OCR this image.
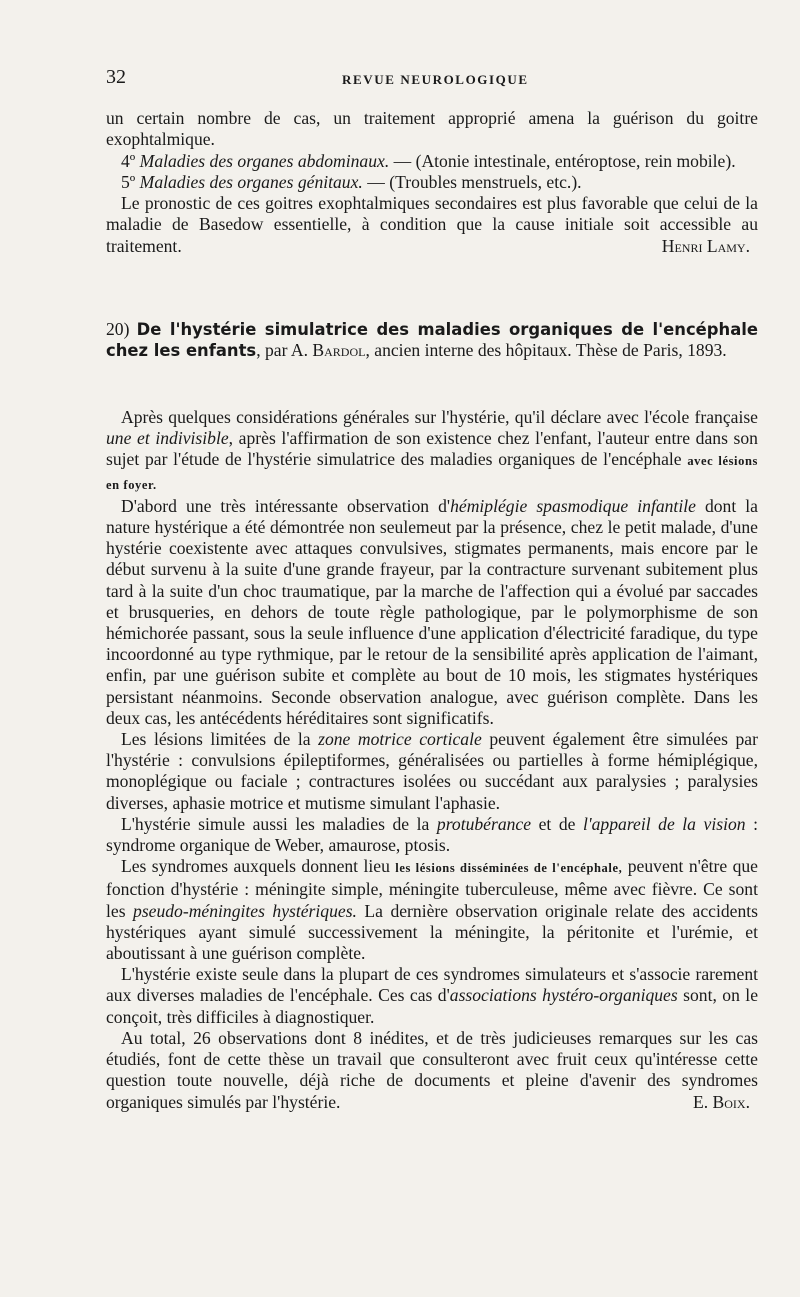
32	REVUE NEUROLOGIQUE

un certain nombre de cas, un traitement approprié amena la guérison du goitre exophtalmique.

4º Maladies des organes abdominaux. — (Atonie intestinale, entéroptose, rein mobile).

5º Maladies des organes génitaux. — (Troubles menstruels, etc.).

Le pronostic de ces goitres exophtalmiques secondaires est plus favorable que celui de la maladie de Basedow essentielle, à condition que la cause initiale soit accessible au traitement.	Henri Lamy.

20) De l'hystérie simulatrice des maladies organiques de l'encéphale chez les enfants, par A. Bardol, ancien interne des hôpitaux. Thèse de Paris, 1893.

Après quelques considérations générales sur l'hystérie, qu'il déclare avec l'école française une et indivisible, après l'affirmation de son existence chez l'enfant, l'auteur entre dans son sujet par l'étude de l'hystérie simulatrice des maladies organiques de l'encéphale avec lésions en foyer.

D'abord une très intéressante observation d'hémiplégie spasmodique infantile dont la nature hystérique a été démontrée non seulemeut par la présence, chez le petit malade, d'une hystérie coexistente avec attaques convulsives, stigmates permanents, mais encore par le début survenu à la suite d'une grande frayeur, par la contracture survenant subitement plus tard à la suite d'un choc traumatique, par la marche de l'affection qui a évolué par saccades et brusqueries, en dehors de toute règle pathologique, par le polymorphisme de son hémichorée passant, sous la seule influence d'une application d'électricité faradique, du type incoordonné au type rythmique, par le retour de la sensibilité après application de l'aimant, enfin, par une guérison subite et complète au bout de 10 mois, les stigmates hystériques persistant néanmoins. Seconde observation analogue, avec guérison complète. Dans les deux cas, les antécédents héréditaires sont significatifs.

Les lésions limitées de la zone motrice corticale peuvent également être simulées par l'hystérie : convulsions épileptiformes, généralisées ou partielles à forme hémiplégique, monoplégique ou faciale ; contractures isolées ou succédant aux paralysies ; paralysies diverses, aphasie motrice et mutisme simulant l'aphasie.

L'hystérie simule aussi les maladies de la protubérance et de l'appareil de la vision : syndrome organique de Weber, amaurose, ptosis.

Les syndromes auxquels donnent lieu les lésions disséminées de l'encéphale, peuvent n'être que fonction d'hystérie : méningite simple, méningite tuberculeuse, même avec fièvre. Ce sont les pseudo-méningites hystériques. La dernière observation originale relate des accidents hystériques ayant simulé successivement la méningite, la péritonite et l'urémie, et aboutissant à une guérison complète.

L'hystérie existe seule dans la plupart de ces syndromes simulateurs et s'associe rarement aux diverses maladies de l'encéphale. Ces cas d'associations hystéro-organiques sont, on le conçoit, très difficiles à diagnostiquer.

Au total, 26 observations dont 8 inédites, et de très judicieuses remarques sur les cas étudiés, font de cette thèse un travail que consulteront avec fruit ceux qu'intéresse cette question toute nouvelle, déjà riche de documents et pleine d'avenir des syndromes organiques simulés par l'hystérie.	E. Boix.
